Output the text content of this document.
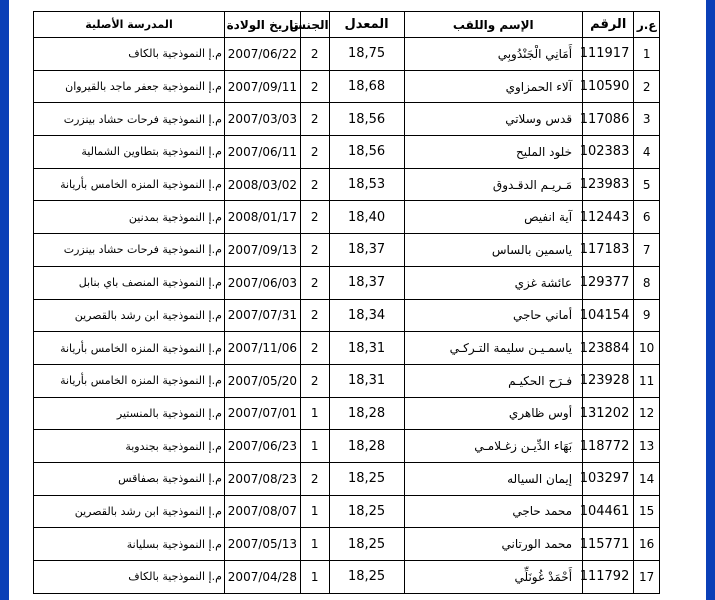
ع.ر	الرقم	الإسم واللقب	المعدل	الجنس	تاريخ الولادة	المدرسة الأصلية
1	111917	أَمَانِي الْجَنْدُوبِي	18,75	2	2007/06/22	م.إ النموذجية بالكاف
2	110590	آلاء الحمزاوي	18,68	2	2007/09/11	م.إ النموذجية جعفر ماجد بالقيروان
3	117086	قدس وسلاتي	18,56	2	2007/03/03	م.إ النموذجية فرحات حشاد بينزرت
4	102383	خلود المليح	18,56	2	2007/06/11	م.إ النموذجية بتطاوين الشمالية
5	123983	مَـريـم الدقـدوق	18,53	2	2008/03/02	م.إ النموذجية المنزه الخامس بأريانة
6	112443	آية انفيص	18,40	2	2008/01/17	م.إ النموذجية بمدنين
7	117183	ياسمين بالساس	18,37	2	2007/09/13	م.إ النموذجية فرحات حشاد بينزرت
8	129377	عائشة غزي	18,37	2	2007/06/03	م.إ النموذجية المنصف باي بنابل
9	104154	أماني حاجي	18,34	2	2007/07/31	م.إ النموذجية ابن رشد بالقصرين
10	123884	ياسمـيـن سليمة التـركـي	18,31	2	2007/11/06	م.إ النموذجية المنزه الخامس بأريانة
11	123928	فـرَح الحكيـم	18,31	2	2007/05/20	م.إ النموذجية المنزه الخامس بأريانة
12	131202	أوس ظاهري	18,28	1	2007/07/01	م.إ النموذجية بالمنستير
13	118772	بَهَاء الدِّيـن زغـلامـي	18,28	1	2007/06/23	م.إ النموذجية بجندوبة
14	103297	إيمان السياله	18,25	2	2007/08/23	م.إ النموذجية بصفاقس
15	104461	محمد حاجي	18,25	1	2007/08/07	م.إ النموذجية ابن رشد بالقصرين
16	115771	محمد الورتاني	18,25	1	2007/05/13	م.إ النموذجية بسليانة
17	111792	أَحْمَدْ غُونَلِّي	18,25	1	2007/04/28	م.إ النموذجية بالكاف
